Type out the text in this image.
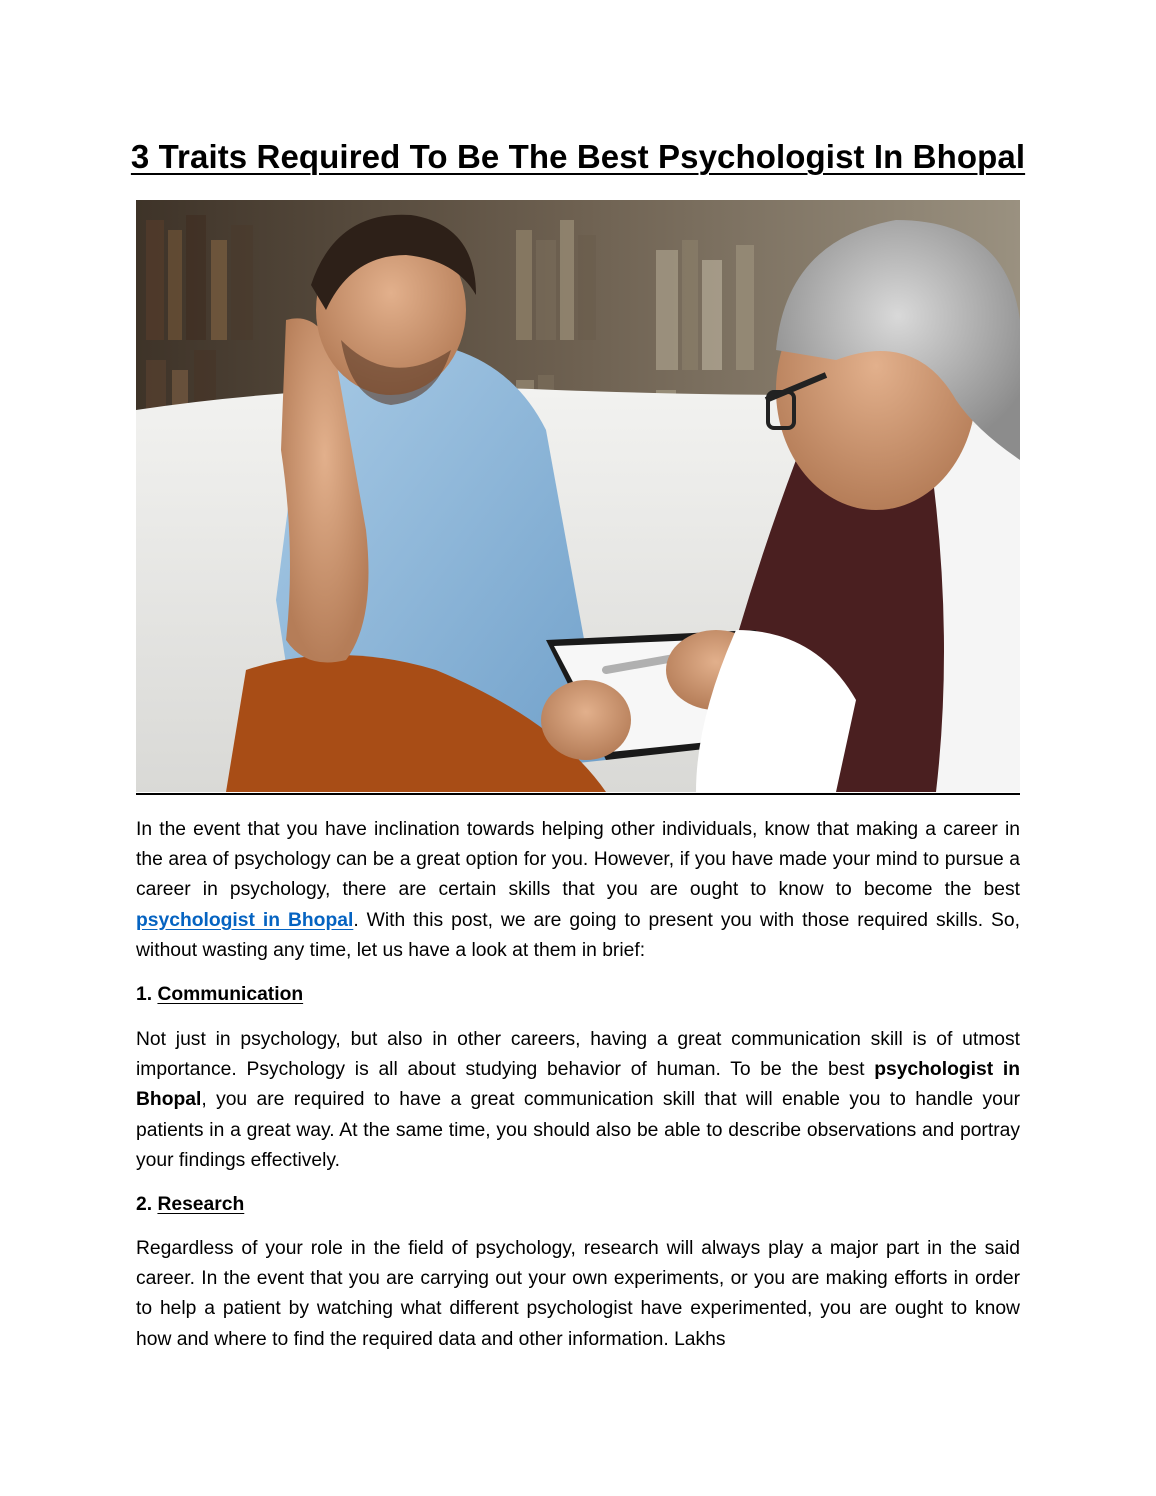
3 Traits Required To Be The Best Psychologist In Bhopal

In the event that you have inclination towards helping other individuals, know that making a career in the area of psychology can be a great option for you. However, if you have made your mind to pursue a career in psychology, there are certain skills that you are ought to know to become the best psychologist in Bhopal. With this post, we are going to present you with those required skills. So, without wasting any time, let us have a look at them in brief:

1. Communication

Not just in psychology, but also in other careers, having a great communication skill is of utmost importance. Psychology is all about studying behavior of human. To be the best psychologist in Bhopal, you are required to have a great communication skill that will enable you to handle your patients in a great way. At the same time, you should also be able to describe observations and portray your findings effectively.

2. Research

Regardless of your role in the field of psychology, research will always play a major part in the said career. In the event that you are carrying out your own experiments, or you are making efforts in order to help a patient by watching what different psychologist have experimented, you are ought to know how and where to find the required data and other information. Lakhs
